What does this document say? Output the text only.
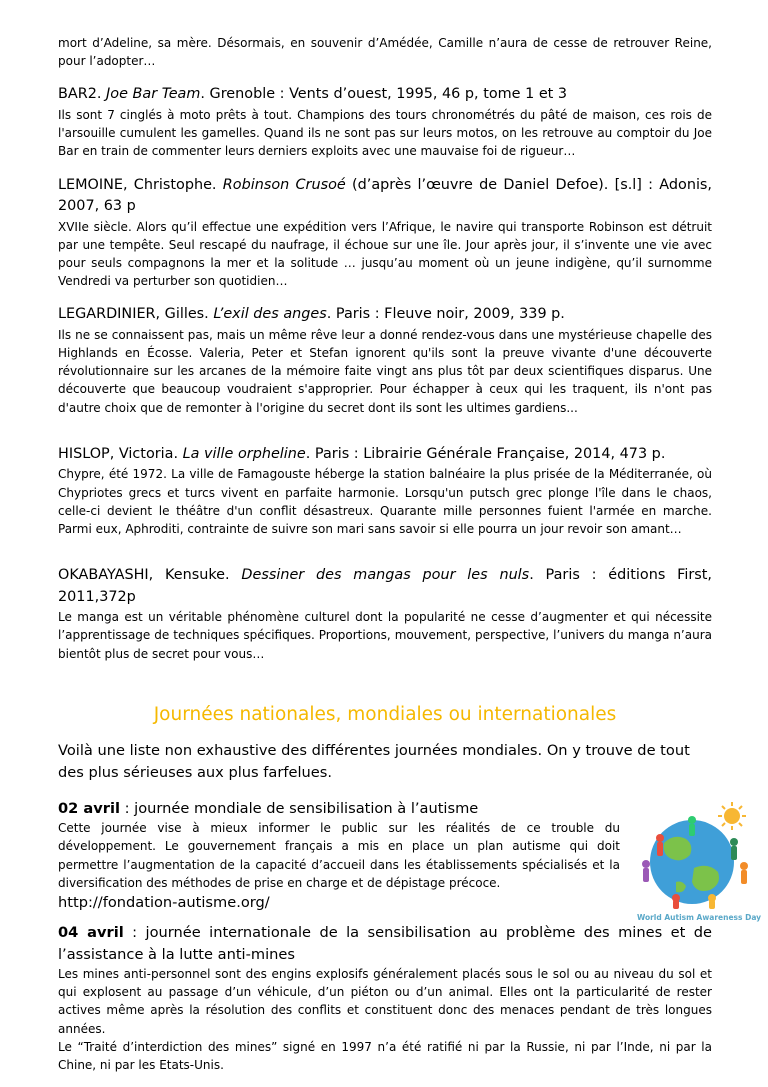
mort d’Adeline, sa mère. Désormais, en souvenir d’Amédée, Camille n’aura de cesse de retrouver Reine, pour l’adopter…

BAR2. Joe Bar Team. Grenoble : Vents d’ouest, 1995, 46 p, tome 1 et 3

Ils sont 7 cinglés à moto prêts à tout. Champions des tours chronométrés du pâté de maison, ces rois de l'arsouille cumulent les gamelles. Quand ils ne sont pas sur leurs motos, on les retrouve au comptoir du Joe Bar en train de commenter leurs derniers exploits avec une mauvaise foi de rigueur…

LEMOINE, Christophe. Robinson Crusoé (d’après l’œuvre de Daniel Defoe). [s.l] : Adonis, 2007, 63 p

XVIIe siècle. Alors qu’il effectue une expédition vers l’Afrique, le navire qui transporte Robinson est détruit par une tempête. Seul rescapé du naufrage, il échoue sur une île. Jour après jour, il s’invente une vie avec pour seuls compagnons la mer et la solitude … jusqu’au moment où un jeune indigène, qu’il surnomme Vendredi va perturber son quotidien…

LEGARDINIER, Gilles. L’exil des anges. Paris : Fleuve noir, 2009, 339 p.

Ils ne se connaissent pas, mais un même rêve leur a donné rendez-vous dans une mystérieuse chapelle des Highlands en Écosse. Valeria, Peter et Stefan ignorent qu'ils sont la preuve vivante d'une découverte révolutionnaire sur les arcanes de la mémoire faite vingt ans plus tôt par deux scientifiques disparus. Une découverte que beaucoup voudraient s'approprier. Pour échapper à ceux qui les traquent, ils n'ont pas d'autre choix que de remonter à l'origine du secret dont ils sont les ultimes gardiens...

HISLOP, Victoria. La ville orpheline. Paris : Librairie Générale Française, 2014, 473 p.

Chypre, été 1972. La ville de Famagouste héberge la station balnéaire la plus prisée de la Méditerranée, où Chypriotes grecs et turcs vivent en parfaite harmonie. Lorsqu'un putsch grec plonge l'île dans le chaos, celle-ci devient le théâtre d'un conflit désastreux. Quarante mille personnes fuient l'armée en marche. Parmi eux, Aphroditi, contrainte de suivre son mari sans savoir si elle pourra un jour revoir son amant…

OKABAYASHI, Kensuke. Dessiner des mangas pour les nuls. Paris : éditions First, 2011,372p

Le manga est un véritable phénomène culturel dont la popularité ne cesse d’augmenter et qui nécessite l’apprentissage de techniques spécifiques. Proportions, mouvement, perspective, l’univers du manga n’aura bientôt plus de secret pour vous…

Journées nationales, mondiales ou internationales

Voilà une liste non exhaustive des différentes journées mondiales. On y trouve de tout des plus sérieuses aux plus farfelues.

02 avril : journée mondiale de sensibilisation à l’autisme

Cette journée vise à mieux informer le public sur les réalités de ce trouble du développement. Le gouvernement français a mis en place un plan autisme qui doit permettre l’augmentation de la capacité d’accueil dans les établissements spécialisés et la diversification des méthodes de prise en charge et de dépistage précoce.

http://fondation-autisme.org/

World Autism Awareness Day

04 avril : journée internationale de la sensibilisation au problème des mines et de l’assistance à la lutte anti-mines

Les mines anti-personnel sont des engins explosifs généralement placés sous le sol ou au niveau du sol et qui explosent au passage d’un véhicule, d’un piéton ou d’un animal. Elles ont la particularité de rester actives même après la résolution des conflits et constituent donc des menaces pendant de très longues années.

Le “Traité d’interdiction des mines” signé en 1997 n’a été ratifié ni par la Russie, ni par l’Inde, ni par la Chine, ni par les Etats-Unis.
